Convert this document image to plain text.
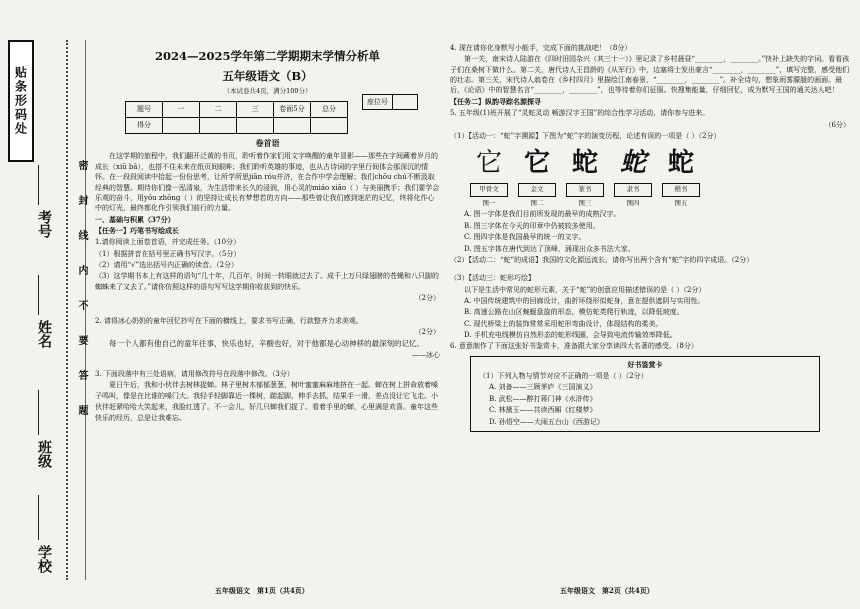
贴条形码处
考号
姓名
班级
学校
密
封
线
内
不
要
答
题
2024—2025学年第二学期期末学情分析单
五年级语文（B）
（本试卷共4页，满分100分）
座位号
题号	一	二	三	卷面5分	总分
得分					
卷首语

在这学期的旅程中，我们翻开泛黄的书页，聆听着作家们用文字唤醒的童年冒影——那些在字间藏着岁月的成长（xiū bā），也搭不住未来在纸页间眼眸；我们聆听英雄的事迹，也从古诗词的字里行间体会那深沉的情怀。在一段段阅读中拾起一份份思考，让所学所思jiān róu并济，在合作中学会理解；我们chōu chú不断汲取经典的智慧。期待你们像一泓清泉，为生活带来长久的浸润，用心灵的miáo xiāo（ ）与美丽携手；我们要学会乐观的奋斗，用yǒu zhōng（ ）的坚持让成长有梦想若的方向——那些曾让我们感到迷茫的记忆，终将化作心中的灯光，最终都化作引领我们前行的力量。

一、基础与积累（37分）

【任务一】巧笔书写绘成长

1.请你阅读上面卷首语，并完成任务。（10分）

（1）根据拼音在括号里正确书写汉字。（5分）

（2）请用“√”选出括号内正确的读音。（2分）

（3）这学期书本上有这样的语句“几十年，几百年，时间一转眼就过去了。成千上万只绿翅膀的苍蝇和八只脚的蜘蛛来了又去了。”请你仿照这样的语句写写这学期你收获到的快乐。

（2分）

2. 请将冰心奶奶的童年回忆抄写在下面的横线上，要求书写正确，行款整齐力求美观。

（2分）

每一个人都有他自己的童年往事，快乐也好，辛酸也好，对于他都是心动神移的最深刻的记忆。

——冰心

3. 下面段落中有三处语病，请用修改符号在段落中修改。（3分）

夏日午后，我和小伙伴去树林捉蝉。林子里树木郁郁葱葱，树叶蜜蜜麻麻地挤在一起。蝉在树上拼命放着嗓子鸣叫，像是在比谁的嗓门大。我轻手轻脚靠近一棵树，踮起脚，伸手去抓，结果手一滑，差点没让它飞走。小伙伴赶紧哈哈大笑起来，我脸红透了。不一会儿，好几只蝉我们捉了。看着手里的蝉，心里满是欢喜。童年这些快乐的经历，总是让我难忘。

五年级语文　第1页（共4页）

4. 现在请你化身默写小能手，完成下面的挑战吧！（8分）

第一关，南宋诗人陆游在《四时田园杂兴（其三十一）》里记录了乡村晨昼“________，________。”快补上缺失的字词。看看孩子们在桑树下做什么。第二关，唐代诗人王昌龄的《从军行》中，边塞将士发出豪言“________，________”，填写完整，感受他们的壮志。第三关，宋代诗人翁卷在《乡村四月》里描绘江南春景，“________，________”。补全诗句，想象雨雾朦胧的画面。最后，《论语》中的智慧名言“________，________”，也等待着你们征服。快搜集能量，仔细回忆，成为默写王国的通关达人吧！

【任务二】纵韵寻踪名源探寻

5. 五年级(1)班开展了“灵蛇灵动 畅游汉字王国”的综合性学习活动，请你参与进来。

（6分）

（1）【活动一：“蛇”字溯源】下图为“蛇”字的演变历程，论述有误的一项是（ ）（2分）

它
甲骨文
图一
它
金文
图二
蛇
篆书
图三
蛇
隶书
图四
蛇
楷书
图五

A. 图一字体是我们目前所发现的最早的成熟汉字。

B. 图三字体在今天的印章中仍被较多使用。

C. 图四字体是我国最早的统一的文字。

D. 图五字体在唐代到达了顶峰，涌现出众多书法大家。

（2）【活动二：“蛇”的成语】我国的文化源远流长，请你写出两个含有“蛇”字的四字成语。（2分）

（3）【活动三：蛇形巧绘】

以下是生活中常见的蛇形元素，关于“蛇”的创意应用描述错误的是（ ）（2分）

A. 中国传统建筑中的回廊设计，曲折环绕形似蛇身，意在提供遮阴与实用性。

B. 高速公路在山区蜿蜒盘旋的形态，模仿蛇类爬行轨迹，以降低坡度。

C. 现代桥梁上的装饰常常采用蛇形弯曲设计，体现结构的柔美。

D. 手机充电线模仿自然形态的蛇形线圈，会导致电流传输效率降低。

6. 意意制作了下面这张好书鉴赏卡，准备跟大家分享读四大名著的感受。（8分）

好书鉴赏卡

（1）下列人物与情节对应不正确的一项是（ ）（2分）

A. 刘备——三顾茅庐《三国演义》

B. 武松——醉打蒋门神《水浒传》

C. 林黛玉——共读西厢《红楼梦》

D. 孙悟空——大闹五台山《西游记》

五年级语文　第2页（共4页）
